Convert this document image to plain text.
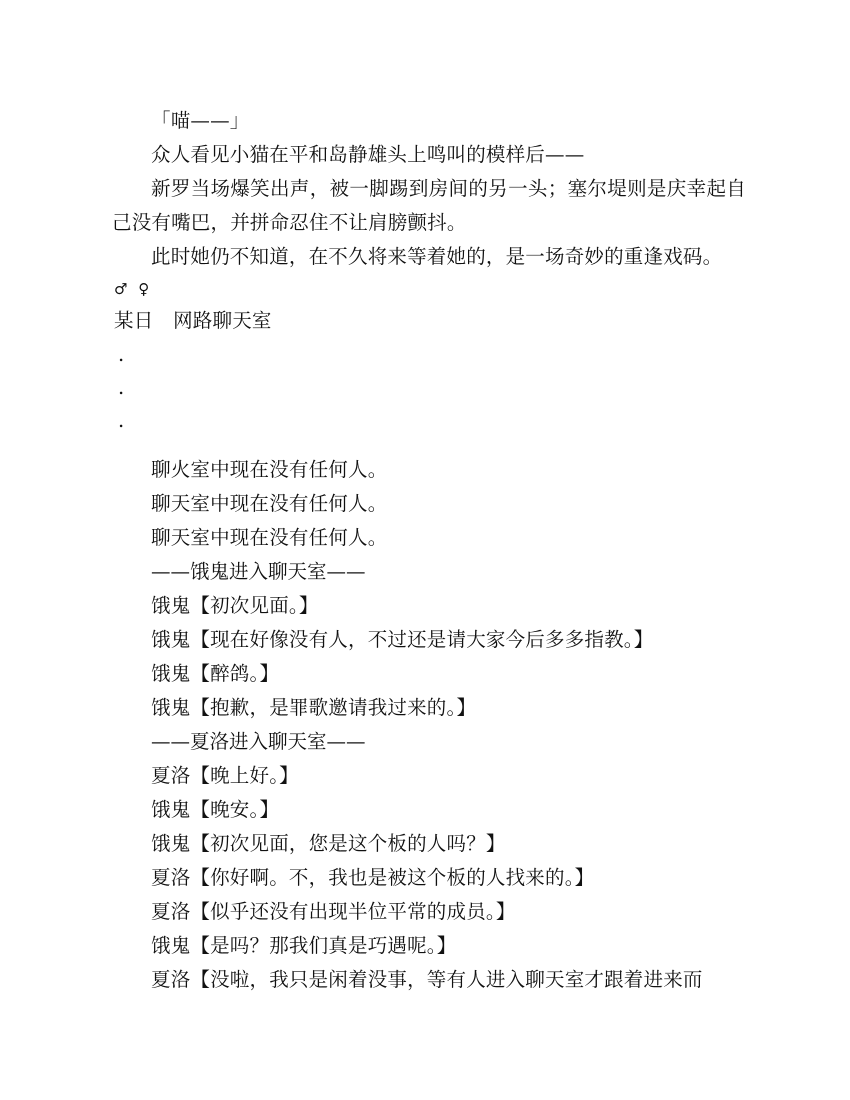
「喵——」

众人看见小猫在平和岛静雄头上鸣叫的模样后——

新罗当场爆笑出声，被一脚踢到房间的另一头；塞尔堤则是庆幸起自己没有嘴巴，并拼命忍住不让肩膀颤抖。

此时她仍不知道，在不久将来等着她的，是一场奇妙的重逢戏码。

♂ ♀

某日　网路聊天室

.

.

.

聊火室中现在没有任何人。

聊天室中现在没有任何人。

聊天室中现在没有任何人。

——饿鬼进入聊天室——

饿鬼【初次见面。】

饿鬼【现在好像没有人，不过还是请大家今后多多指教。】

饿鬼【醉鸽。】

饿鬼【抱歉，是罪歌邀请我过来的。】

——夏洛进入聊天室——

夏洛【晚上好。】

饿鬼【晚安。】

饿鬼【初次见面，您是这个板的人吗？】

夏洛【你好啊。不，我也是被这个板的人找来的。】

夏洛【似乎还没有出现半位平常的成员。】

饿鬼【是吗？那我们真是巧遇呢。】

夏洛【没啦，我只是闲着没事，等有人进入聊天室才跟着进来而
